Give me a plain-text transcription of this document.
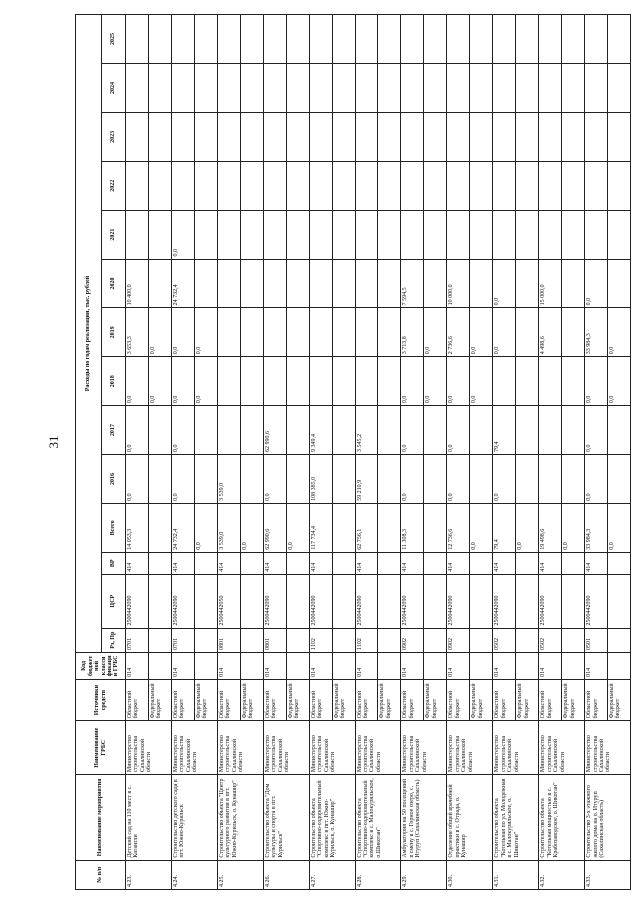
31
№ п/п	Наименование мероприятия	Наименование ГРБС	Источники средств	Код бюджетной классификации ГРБС	Расходы по годам реализации, тыс. рублей													
					Рз, Пр	ЦСР	ВР	Всего	2016	2017	2018	2019	2020	2021	2022	2023	2024	2025
4.23.	Детский сад на 110 мест в с. Катангли	Министерство строительства Сахалинской области	Областной бюджет	014	0701	2500442090	414	14 053,3	0,0	0,0	0,0	3 653,3	10 400,0					
			Федеральный бюджет								0,0	0,0						
4.24.	Строительство детского сада в пгт. Южно-Курильск	Министерство строительства Сахалинской области	Областной бюджет	014	0701	2500442090	414	24 732,4	0,0	0,0	0,0	0,0	24 732,4	0,0				
			Федеральный бюджет					0,0			0,0	0,0						
4.25.	Строительство объекта "Центр культурного развития в пгт. Южно-Курильск, о. Кунашир"	Министерство строительства Сахалинской области	Областной бюджет	014	0801	2500442050	414	3 539,0	3 539,0									
			Федеральный бюджет					0,0										
4.26.	Строительство объекта "Дом культуры и спорта в пгт. Курильск"	Министерство строительства Сахалинской области	Областной бюджет	014	0801	2500442090	414	62 990,6	0,0	62 990,6								
			Федеральный бюджет					0,0										
4.27.	Строительство объекта "Спортивно-оздоровительный комплекс в пгт. Южно-Курильск, о. Кунашир"	Министерство строительства Сахалинской области	Областной бюджет	014	1102	2500442090	414	117 734,4	108 385,0	9 349,4								
			Федеральный бюджет															
4.28.	Строительство объекта "Спортивно-оздоровительный комплекс в с. Малокурильское, о.Шикотан"	Министерство строительства Сахалинской области	Областной бюджет	014	1102	2500442090	414	62 756,1	59 210,9	3 545,2								
			Федеральный бюджет															
4.29.	Амбулатория на 50 посещений в смену в с. Горное озеро, с. Итуруп (Сахалинская область)	Министерство строительства Сахалинской области	Областной бюджет	014	0902	2500442090	414	11 308,3	0,0	0,0	0,0	3 713,8	7 594,5					
			Федеральный бюджет								0,0	0,0						
4.30.	Отделение общей врачебной практики в с. Отрада, о. Кунашир	Министерство строительства Сахалинской области	Областной бюджет	014	0902	2500442090	414	12 736,6	0,0	0,0	0,0	2 736,6	10 000,0					
			Федеральный бюджет					0,0			0,0	0,0						
4.31.	Строительство объекта "Котельная по ул. Молодежная в с. Малокурильское, о. Шикотан"	Министерство строительства Сахалинской области	Областной бюджет	014	0502	2500442090	414	79,4	0,0	79,4		0,0	0,0					
			Федеральный бюджет					0,0										
4.32.	Строительство объекта "Котельная мощностью в с. Крабозаводское, о. Шикотан"	Министерство строительства Сахалинской области	Областной бюджет	014	0502	2500442090	414	19 498,6				4 498,6	15 000,0					
			Федеральный бюджет					0,0										
4.33.	Строительство 3-х этажного жилого дома на о. Итуруп (Сахалинская область)	Министерство строительства Сахалинской области	Областной бюджет	014	0501	2500442090	414	33 984,3	0,0	0,0	0,0	33 984,3	0,0					
			Федеральный бюджет					0,0			0,0	0,0						
